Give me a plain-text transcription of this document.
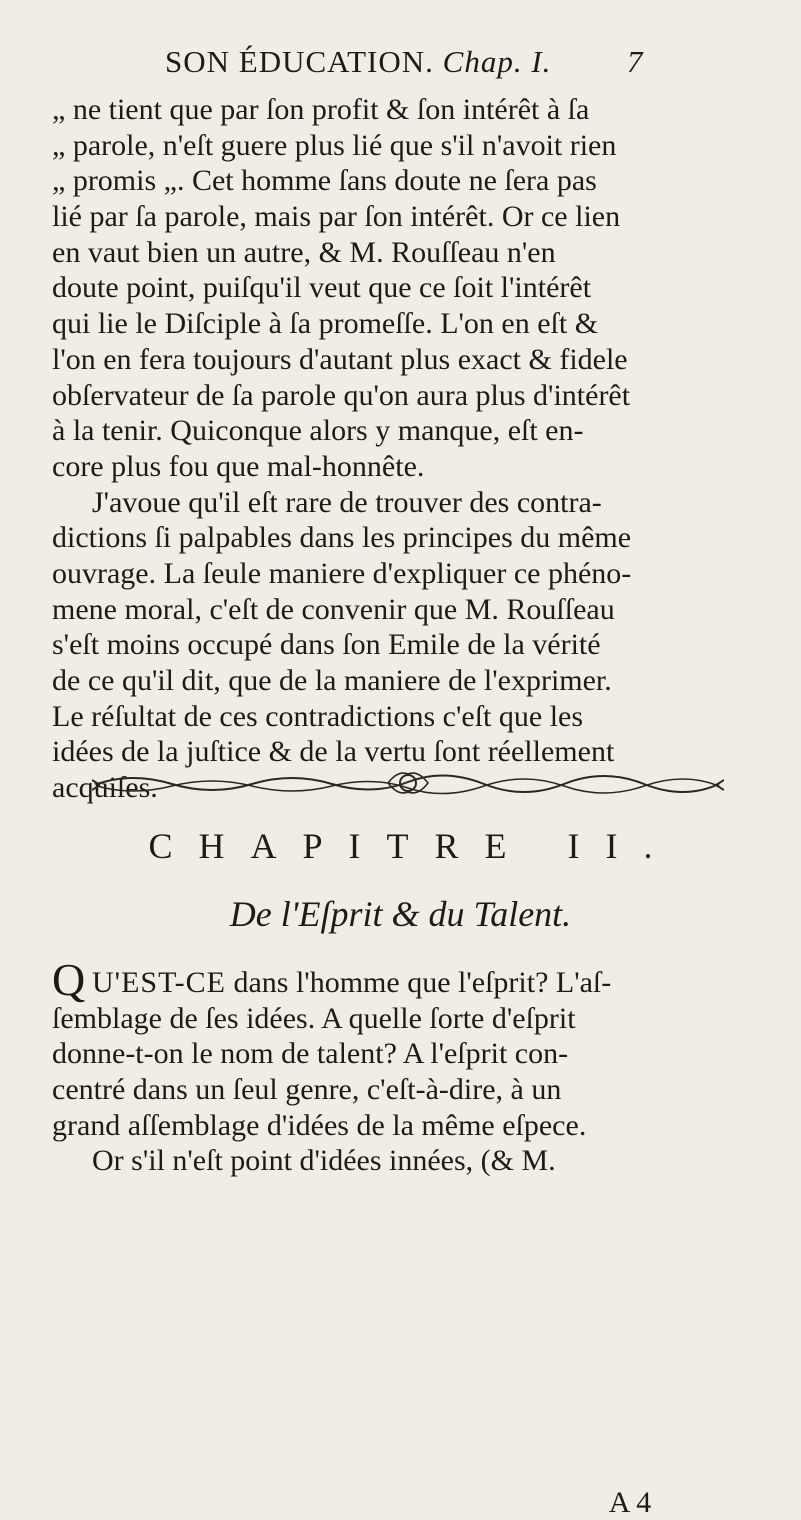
SON ÉDUCATION. Chap. I. 7
„ ne tient que par ſon profit & ſon intérêt à ſa
„ parole, n'eſt guere plus lié que s'il n'avoit rien
„ promis „. Cet homme ſans doute ne ſera pas
lié par ſa parole, mais par ſon intérêt. Or ce lien
en vaut bien un autre, & M. Rouſſeau n'en
doute point, puiſqu'il veut que ce ſoit l'intérêt
qui lie le Diſciple à ſa promeſſe. L'on en eſt &
l'on en fera toujours d'autant plus exact & fidele
obſervateur de ſa parole qu'on aura plus d'intérêt
à la tenir. Quiconque alors y manque, eſt en-
core plus fou que mal-honnête.
J'avoue qu'il eſt rare de trouver des contra-
dictions ſi palpables dans les principes du même
ouvrage. La ſeule maniere d'expliquer ce phéno-
mene moral, c'eſt de convenir que M. Rouſſeau
s'eſt moins occupé dans ſon Emile de la vérité
de ce qu'il dit, que de la maniere de l'exprimer.
Le réſultat de ces contradictions c'eſt que les
idées de la juſtice & de la vertu ſont réellement
acquiſes.
CHAPITRE II.
De l'Eſprit & du Talent.
Q U'EST-CE dans l'homme que l'eſprit? L'aſ-
ſemblage de ſes idées. A quelle ſorte d'eſprit
donne-t-on le nom de talent? A l'eſprit con-
centré dans un ſeul genre, c'eſt-à-dire, à un
grand aſſemblage d'idées de la même eſpece.
Or s'il n'eſt point d'idées innées, (& M.
A 4
